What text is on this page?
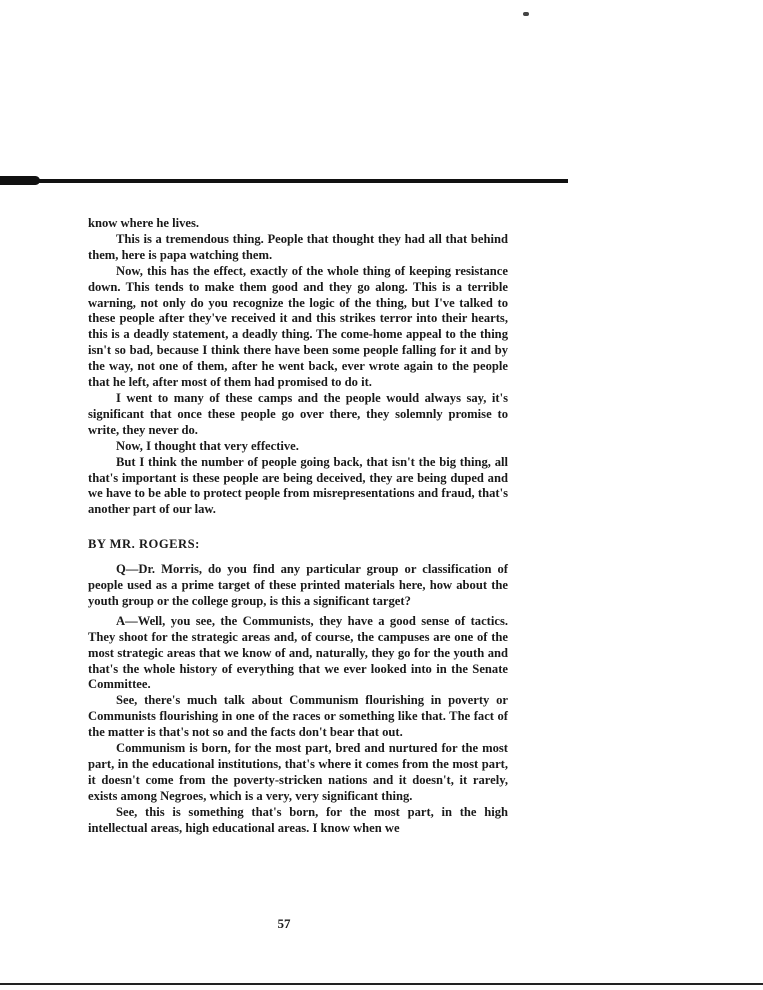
know where he lives.

This is a tremendous thing. People that thought they had all that behind them, here is papa watching them.

Now, this has the effect, exactly of the whole thing of keeping resistance down. This tends to make them good and they go along. This is a terrible warning, not only do you recognize the logic of the thing, but I've talked to these people after they've received it and this strikes terror into their hearts, this is a deadly statement, a deadly thing. The come-home appeal to the thing isn't so bad, because I think there have been some people falling for it and by the way, not one of them, after he went back, ever wrote again to the people that he left, after most of them had promised to do it.

I went to many of these camps and the people would always say, it's significant that once these people go over there, they solemnly promise to write, they never do.

Now, I thought that very effective.

But I think the number of people going back, that isn't the big thing, all that's important is these people are being deceived, they are being duped and we have to be able to protect people from misrepresentations and fraud, that's another part of our law.

BY MR. ROGERS:

Q—Dr. Morris, do you find any particular group or classification of people used as a prime target of these printed materials here, how about the youth group or the college group, is this a significant target?

A—Well, you see, the Communists, they have a good sense of tactics. They shoot for the strategic areas and, of course, the campuses are one of the most strategic areas that we know of and, naturally, they go for the youth and that's the whole history of everything that we ever looked into in the Senate Committee.

See, there's much talk about Communism flourishing in poverty or Communists flourishing in one of the races or something like that. The fact of the matter is that's not so and the facts don't bear that out.

Communism is born, for the most part, bred and nurtured for the most part, in the educational institutions, that's where it comes from the most part, it doesn't come from the poverty-stricken nations and it doesn't, it rarely, exists among Negroes, which is a very, very significant thing.

See, this is something that's born, for the most part, in the high intellectual areas, high educational areas. I know when we

57
